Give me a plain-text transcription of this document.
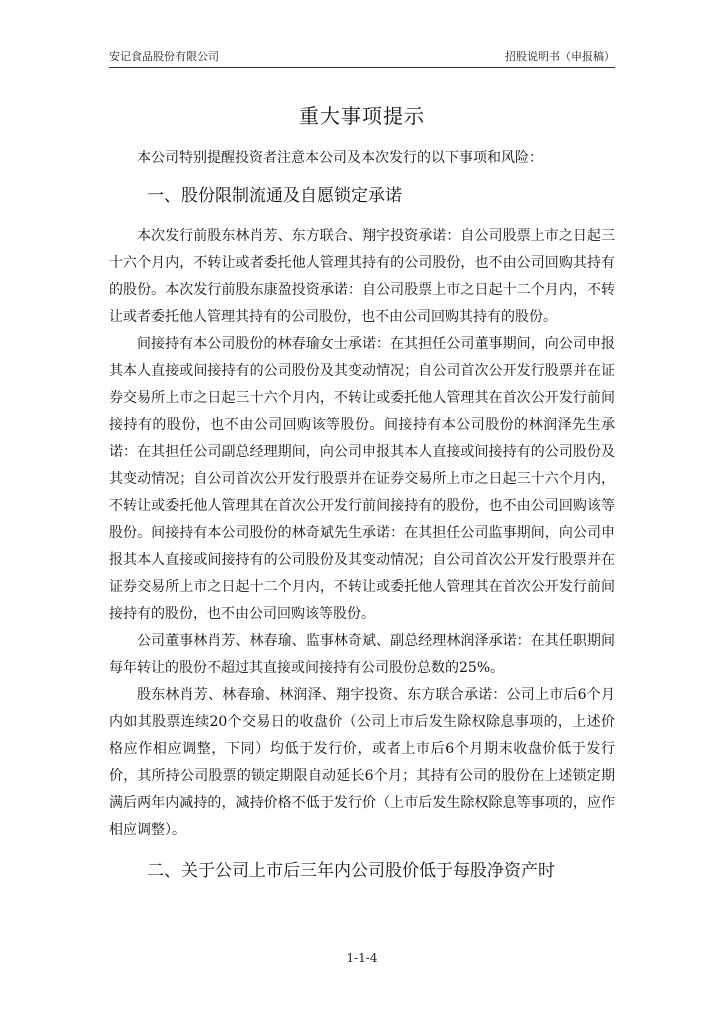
安记食品股份有限公司	招股说明书（申报稿）
重大事项提示

本公司特别提醒投资者注意本公司及本次发行的以下事项和风险：

一、股份限制流通及自愿锁定承诺

本次发行前股东林肖芳、东方联合、翔宇投资承诺：自公司股票上市之日起三十六个月内，不转让或者委托他人管理其持有的公司股份，也不由公司回购其持有的股份。本次发行前股东康盈投资承诺：自公司股票上市之日起十二个月内，不转让或者委托他人管理其持有的公司股份，也不由公司回购其持有的股份。

间接持有本公司股份的林春瑜女士承诺：在其担任公司董事期间，向公司申报其本人直接或间接持有的公司股份及其变动情况；自公司首次公开发行股票并在证券交易所上市之日起三十六个月内，不转让或委托他人管理其在首次公开发行前间接持有的股份，也不由公司回购该等股份。间接持有本公司股份的林润泽先生承诺：在其担任公司副总经理期间，向公司申报其本人直接或间接持有的公司股份及其变动情况；自公司首次公开发行股票并在证券交易所上市之日起三十六个月内，不转让或委托他人管理其在首次公开发行前间接持有的股份，也不由公司回购该等股份。间接持有本公司股份的林奇斌先生承诺：在其担任公司监事期间，向公司申报其本人直接或间接持有的公司股份及其变动情况；自公司首次公开发行股票并在证券交易所上市之日起十二个月内，不转让或委托他人管理其在首次公开发行前间接持有的股份，也不由公司回购该等股份。

公司董事林肖芳、林春瑜、监事林奇斌、副总经理林润泽承诺：在其任职期间每年转让的股份不超过其直接或间接持有公司股份总数的25%。

股东林肖芳、林春瑜、林润泽、翔宇投资、东方联合承诺：公司上市后6个月内如其股票连续20个交易日的收盘价（公司上市后发生除权除息事项的，上述价格应作相应调整，下同）均低于发行价，或者上市后6个月期末收盘价低于发行价，其所持公司股票的锁定期限自动延长6个月；其持有公司的股份在上述锁定期满后两年内减持的，减持价格不低于发行价（上市后发生除权除息等事项的，应作相应调整）。

二、关于公司上市后三年内公司股价低于每股净资产时
1-1-4
